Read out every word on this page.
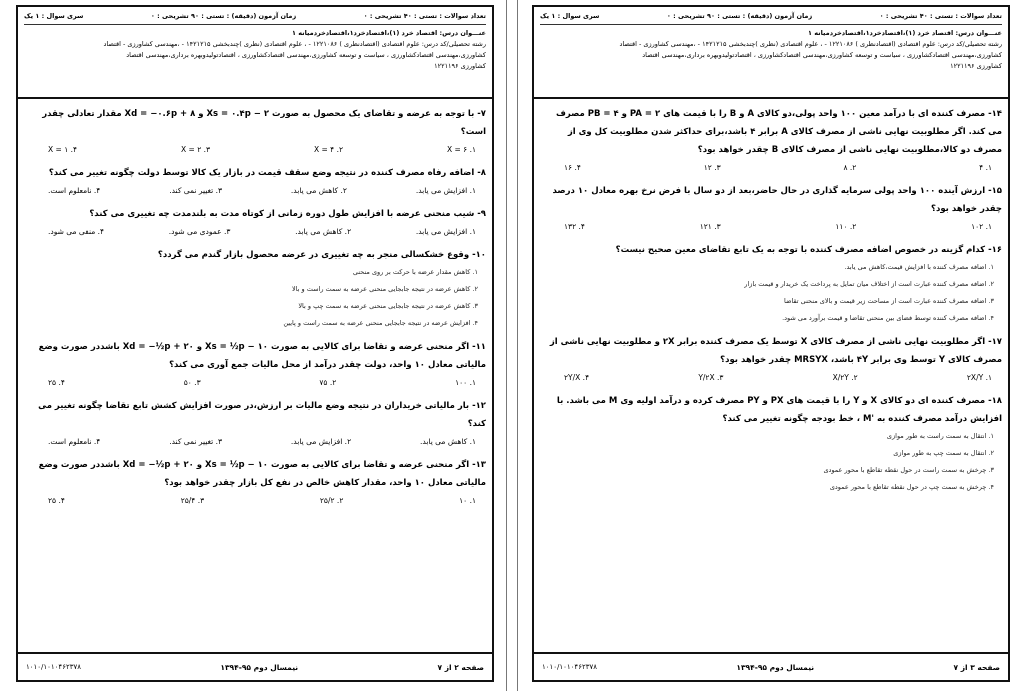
تعداد سوالات : تستی : ۴۰ تشریحی : ۰
زمان آزمون (دقیقه) : تستی : ۹۰ تشریحی : ۰
سری سوال : ۱ یک
عنـــوان درس: اقتصاد خرد (۱)،اقتصادخرد۱،اقتصادخردمیانه ۱
رشته تحصیلی/کد درس: علوم اقتصادی (اقتصادنظری ) ۱۲۲۱۰۸۶ - ، علوم اقتصادی (نظری )چندبخشی ۱۴۲۱۲۱۵ - ،مهندسی کشاورزی - اقتصاد
کشاورزی،مهندسی اقتصادکشاورزی ، سیاست و توسعه کشاورزی،مهندسی اقتصادکشاورزی ، اقتصادتولیدوبهره برداری،مهندسی اقتصاد
کشاورزی ۱۲۲۱۱۹۶
۷- با توجه به عرضه و تقاضای یک محصول به صورت Xs = ۰.۴p − ۲ و Xd = −۰.۶p + ۸ مقدار تعادلی چقدر است؟
۱. X = ۶
۲. X = ۴
۳. X = ۲
۴. X = ۱
۸- اضافه رفاه مصرف کننده در نتیجه وضع سقف قیمت در بازار یک کالا توسط دولت چگونه تغییر می کند؟
۱. افزایش می یابد.
۲. کاهش می یابد.
۳. تغییر نمی کند.
۴. نامعلوم است.
۹- شیب منحنی عرضه با افزایش طول دوره زمانی از کوتاه مدت به بلندمدت چه تغییری می کند؟
۱. افزایش می یابد.
۲. کاهش می یابد.
۳. عمودی می شود.
۴. منفی می شود.
۱۰- وقوع خشکسالی منجر به چه تغییری در عرضه محصول بازار گندم می گردد؟
۱. کاهش مقدار عرضه با حرکت بر روی منحنی
۲. کاهش عرضه در نتیجه جابجایی منحنی عرضه به سمت راست و بالا
۳. کاهش عرضه در نتیجه جابجایی منحنی عرضه به سمت چپ و بالا
۴. افزایش عرضه در نتیجه جابجایی منحنی عرضه به سمت راست و پایین
۱۱- اگر منحنی عرضه و تقاضا برای کالایی به صورت Xs = ½p − ۱۰ و Xd = −½p + ۲۰ باشددر صورت وضع مالیاتی معادل ۱۰ واحد، دولت چقدر درآمد از محل مالیات جمع آوری می کند؟
۱. ۱۰۰
۲. ۷۵
۳. ۵۰
۴. ۲۵
۱۲- بار مالیاتی خریداران در نتیجه وضع مالیات بر ارزش،در صورت افزایش کشش تابع تقاضا چگونه تغییر می کند؟
۱. کاهش می یابد.
۲. افزایش می یابد.
۳. تغییر نمی کند.
۴. نامعلوم است.
۱۳- اگر منحنی عرضه و تقاضا برای کالایی به صورت Xs = ½p − ۱۰ و Xd = −½p + ۲۰ باشددر صورت وضع مالیاتی معادل ۱۰ واحد، مقدار کاهش خالص در نفع کل بازار چقدر خواهد بود؟
۱. ۱۰
۲. ۲۵/۲
۳. ۲۵/۴
۴. ۲۵
صفحه ۲ از ۷
نیمسال دوم ۹۵-۱۳۹۴
۱۰۱۰/۱۰۱۰۴۶۲۳۷۸
تعداد سوالات : تستی : ۴۰ تشریحی : ۰
زمان آزمون (دقیقه) : تستی : ۹۰ تشریحی : ۰
سری سوال : ۱ یک
عنـــوان درس: اقتصاد خرد (۱)،اقتصادخرد۱،اقتصادخردمیانه ۱
رشته تحصیلی/کد درس: علوم اقتصادی (اقتصادنظری ) ۱۲۲۱۰۸۶ - ، علوم اقتصادی (نظری )چندبخشی ۱۴۲۱۲۱۵ - ،مهندسی کشاورزی - اقتصاد
کشاورزی،مهندسی اقتصادکشاورزی ، سیاست و توسعه کشاورزی،مهندسی اقتصادکشاورزی ، اقتصادتولیدوبهره برداری،مهندسی اقتصاد
کشاورزی ۱۲۲۱۱۹۶
۱۴- مصرف کننده ای با درآمد معین ۱۰۰ واحد پولی،دو کالای A و B را با قیمت های PA = ۲ و PB = ۴ مصرف می کند. اگر مطلوبیت نهایی ناشی از مصرف کالای A برابر ۴ باشد،برای حداکثر شدن مطلوبیت کل وی از مصرف دو کالا،مطلوبیت نهایی ناشی از مصرف کالای B چقدر خواهد بود؟
۱. ۴
۲. ۸
۳. ۱۲
۴. ۱۶
۱۵- ارزش آینده ۱۰۰ واحد پولی سرمایه گذاری در حال حاضر،بعد از دو سال با فرض نرخ بهره معادل ۱۰ درصد چقدر خواهد بود؟
۱. ۱۰۲
۲. ۱۱۰
۳. ۱۲۱
۴. ۱۳۲
۱۶- کدام گزینه در خصوص اضافه مصرف کننده با توجه به یک تابع تقاضای معین صحیح نیست؟
۱. اضافه مصرف کننده با افزایش قیمت،کاهش می یابد.
۲. اضافه مصرف کننده عبارت است از اختلاف میان تمایل به پرداخت یک خریدار و قیمت بازار
۳. اضافه مصرف کننده عبارت است از مساحت زیر قیمت و بالای منحنی تقاضا
۴. اضافه مصرف کننده توسط فضای بین منحنی تقاضا و قیمت برآورد می شود.
۱۷- اگر مطلوبیت نهایی ناشی از مصرف کالای X توسط یک مصرف کننده برابر ۲X و مطلوبیت نهایی ناشی از مصرف کالای Y توسط وی برابر ۴Y باشد، MRSYX چقدر خواهد بود؟
۱. ۲X/Y
۲. X/۲Y
۳. Y/۲X
۴. ۲Y/X
۱۸- مصرف کننده ای دو کالای X و Y را با قیمت های PX و PY مصرف کرده و درآمد اولیه وی M می باشد. با افزایش درآمد مصرف کننده به 'M ، خط بودجه چگونه تغییر می کند؟
۱. انتقال به سمت راست به طور موازی
۲. انتقال به سمت چپ به طور موازی
۳. چرخش به سمت راست در حول نقطه تقاطع با محور عمودی
۴. چرخش به سمت چپ در حول نقطه تقاطع با محور عمودی
صفحه ۳ از ۷
نیمسال دوم ۹۵-۱۳۹۴
۱۰۱۰/۱۰۱۰۴۶۲۳۷۸
